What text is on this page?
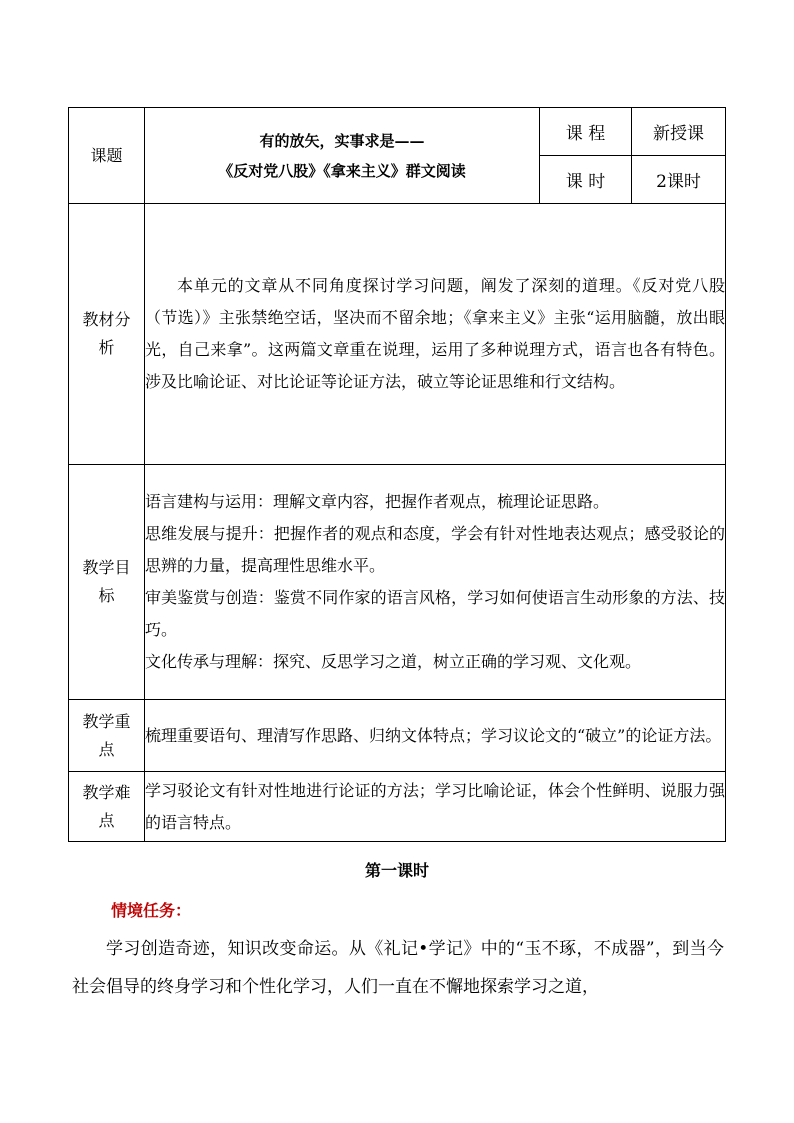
课题	有的放矢，实事求是——
《反对党八股》《拿来主义》群文阅读	课 程	新授课
		课 时	2课时

教材分析	本单元的文章从不同角度探讨学习问题，阐发了深刻的道理。《反对党八股（节选）》主张禁绝空话，坚决而不留余地；《拿来主义》主张“运用脑髓，放出眼光，自己来拿”。这两篇文章重在说理，运用了多种说理方式，语言也各有特色。涉及比喻论证、对比论证等论证方法，破立等论证思维和行文结构。		

教学目标	语言建构与运用：理解文章内容，把握作者观点，梳理论证思路。

思维发展与提升：把握作者的观点和态度，学会有针对性地表达观点；感受驳论的思辨的力量，提高理性思维水平。

审美鉴赏与创造：鉴赏不同作家的语言风格，学习如何使语言生动形象的方法、技巧。

文化传承与理解：探究、反思学习之道，树立正确的学习观、文化观。		

教学重点	梳理重要语句、理清写作思路、归纳文体特点；学习议论文的“破立”的论证方法。		

教学难点	学习驳论文有针对性地进行论证的方法；学习比喻论证，体会个性鲜明、说服力强的语言特点。		

第一课时
情境任务：

学习创造奇迹，知识改变命运。从《礼记•学记》中的“玉不琢，不成器”，到当今社会倡导的终身学习和个性化学习，人们一直在不懈地探索学习之道，
